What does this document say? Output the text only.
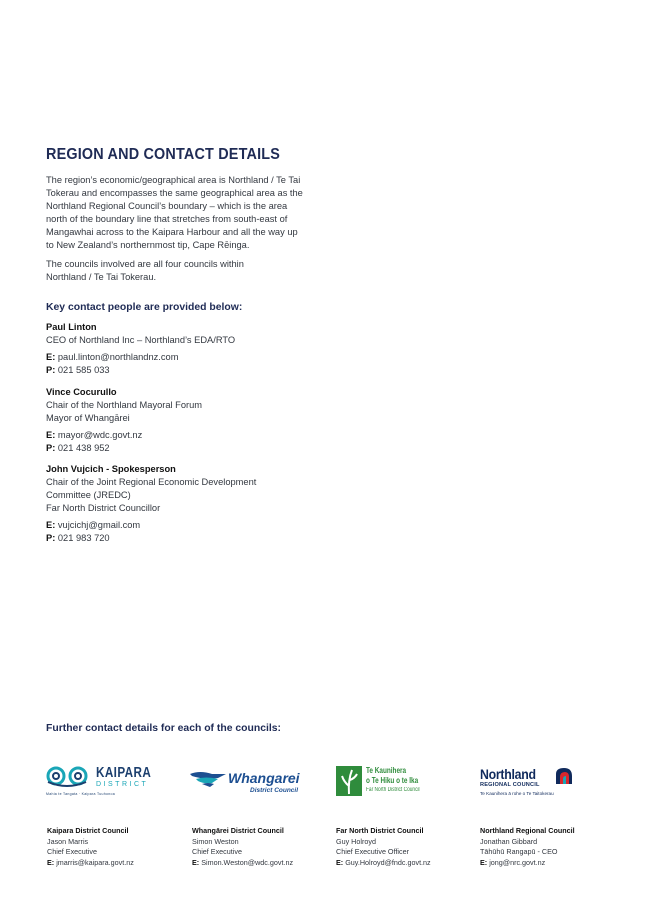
REGION AND CONTACT DETAILS

The region’s economic/geographical area is Northland / Te Tai
Tokerau and encompasses the same geographical area as the
Northland Regional Council’s boundary – which is the area
north of the boundary line that stretches from south-east of
Mangawhai across to the Kaipara Harbour and all the way up
to New Zealand’s northernmost tip, Cape Rēinga.

The councils involved are all four councils within
Northland / Te Tai Tokerau.

Key contact people are provided below:
Paul Linton
CEO of Northland Inc – Northland’s EDA/RTO
E: paul.linton@northlandnz.com
P: 021 585 033
Vince Cocurullo
Chair of the Northland Mayoral Forum
Mayor of Whangārei
E: mayor@wdc.govt.nz
P: 021 438 952
John Vujcich - Spokesperson
Chair of the Joint Regional Economic Development
Committee (JREDC)
Far North District Councillor
E: vujcichj@gmail.com
P: 021 983 720
Further contact details for each of the councils:
KAIPARA
DISTRICT
Mahia te Tangata · Kaipara Tuuhonoa
Whangarei
District Council
Te Kaunihera
o Te Hiku o te Ika
Far North District Council
Northland
REGIONAL COUNCIL
Te Kaunihera ā rohe o Te Taitokerau
Kaipara District Council
Jason Marris
Chief Executive
E: jmarris@kaipara.govt.nz
Whangārei District Council
Simon Weston
Chief Executive
E: Simon.Weston@wdc.govt.nz
Far North District Council
Guy Holroyd
Chief Executive Officer
E: Guy.Holroyd@fndc.govt.nz
Northland Regional Council
Jonathan Gibbard
Tāhūhū Rangapū - CEO
E: jong@nrc.govt.nz
